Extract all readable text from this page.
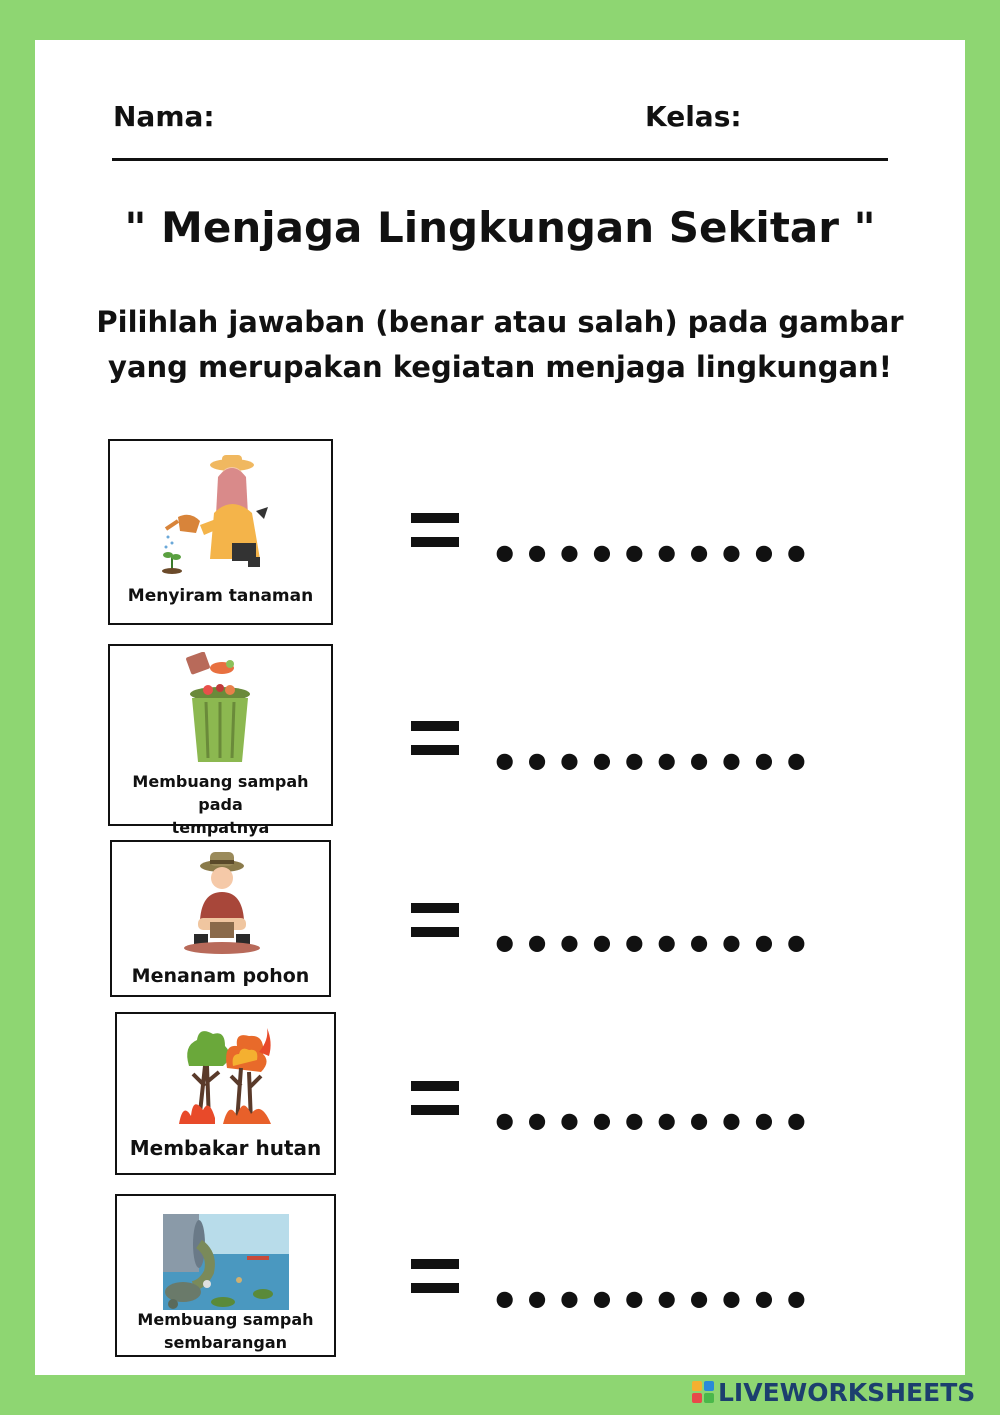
Nama:	Kelas:
" Menjaga Lingkungan Sekitar "
Pilihlah jawaban (benar atau salah) pada gambar
yang merupakan kegiatan menjaga lingkungan!
Menyiram tanaman
••••••••••
Membuang sampah pada
tempatnya
••••••••••
Menanam pohon
••••••••••
Membakar hutan	••••••••••
Membuang sampah
sembarangan
••••••••••
LIVEWORKSHEETS
